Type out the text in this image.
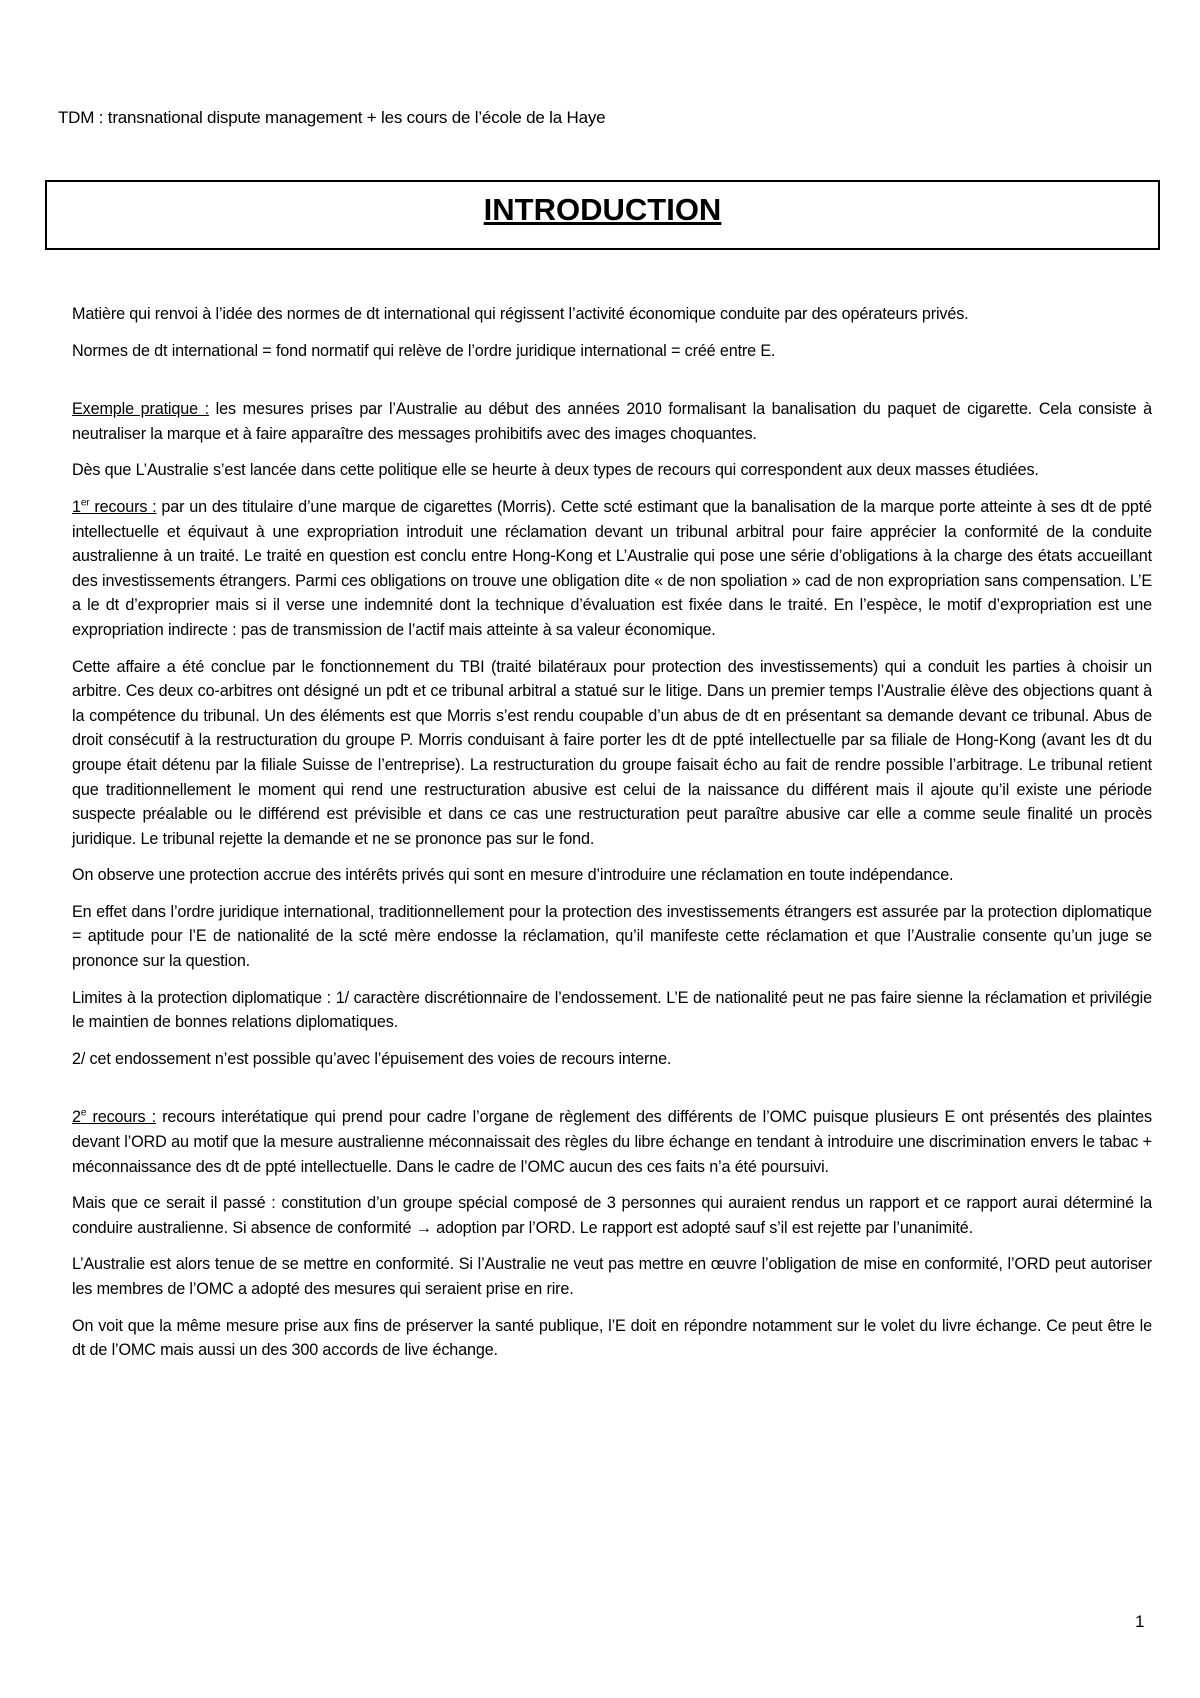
TDM : transnational dispute management + les cours de l’école de la Haye
INTRODUCTION

Matière qui renvoi à l’idée des normes de dt international qui régissent l’activité économique conduite par des opérateurs privés.

Normes de dt international = fond normatif qui relève de l’ordre juridique international = créé entre E.

Exemple pratique : les mesures prises par l’Australie au début des années 2010 formalisant la banalisation du paquet de cigarette. Cela consiste à neutraliser la marque et à faire apparaître des messages prohibitifs avec des images choquantes.

Dès que L’Australie s’est lancée dans cette politique elle se heurte à deux types de recours qui correspondent aux deux masses étudiées.

1er recours : par un des titulaire d’une marque de cigarettes (Morris). Cette scté estimant que la banalisation de la marque porte atteinte à ses dt de ppté intellectuelle et équivaut à une expropriation introduit une réclamation devant un tribunal arbitral pour faire apprécier la conformité de la conduite australienne à un traité. Le traité en question est conclu entre Hong-Kong et L’Australie qui pose une série d’obligations à la charge des états accueillant des investissements étrangers. Parmi ces obligations on trouve une obligation dite « de non spoliation » cad de non expropriation sans compensation. L’E a le dt d’exproprier mais si il verse une indemnité dont la technique d’évaluation est fixée dans le traité. En l’espèce, le motif d’expropriation est une expropriation indirecte : pas de transmission de l’actif mais atteinte à sa valeur économique.

Cette affaire a été conclue par le fonctionnement du TBI (traité bilatéraux pour protection des investissements) qui a conduit les parties à choisir un arbitre. Ces deux co-arbitres ont désigné un pdt et ce tribunal arbitral a statué sur le litige. Dans un premier temps l’Australie élève des objections quant à la compétence du tribunal. Un des éléments est que Morris s’est rendu coupable d’un abus de dt en présentant sa demande devant ce tribunal. Abus de droit consécutif à la restructuration du groupe P. Morris conduisant à faire porter les dt de ppté intellectuelle par sa filiale de Hong-Kong (avant les dt du groupe était détenu par la filiale Suisse de l’entreprise). La restructuration du groupe faisait écho au fait de rendre possible l’arbitrage. Le tribunal retient que traditionnellement le moment qui rend une restructuration abusive est celui de la naissance du différent mais il ajoute qu’il existe une période suspecte préalable ou le différend est prévisible et dans ce cas une restructuration peut paraître abusive car elle a comme seule finalité un procès juridique. Le tribunal rejette la demande et ne se prononce pas sur le fond.

On observe une protection accrue des intérêts privés qui sont en mesure d’introduire une réclamation en toute indépendance.

En effet dans l’ordre juridique international, traditionnellement pour la protection des investissements étrangers est assurée par la protection diplomatique = aptitude pour l’E de nationalité de la scté mère endosse la réclamation, qu’il manifeste cette réclamation et que l’Australie consente qu’un juge se prononce sur la question.

Limites à la protection diplomatique : 1/ caractère discrétionnaire de l’endossement. L’E de nationalité peut ne pas faire sienne la réclamation et privilégie le maintien de bonnes relations diplomatiques.

2/ cet endossement n’est possible qu’avec l’épuisement des voies de recours interne.

2e recours : recours interétatique qui prend pour cadre l’organe de règlement des différents de l’OMC puisque plusieurs E ont présentés des plaintes devant l’ORD au motif que la mesure australienne méconnaissait des règles du libre échange en tendant à introduire une discrimination envers le tabac + méconnaissance des dt de ppté intellectuelle. Dans le cadre de l’OMC aucun des ces faits n’a été poursuivi.

Mais que ce serait il passé : constitution d’un groupe spécial composé de 3 personnes qui auraient rendus un rapport et ce rapport aurai déterminé la conduire australienne. Si absence de conformité → adoption par l’ORD. Le rapport est adopté sauf s’il est rejette par l’unanimité.

L’Australie est alors tenue de se mettre en conformité. Si l’Australie ne veut pas mettre en œuvre l’obligation de mise en conformité, l’ORD peut autoriser les membres de l’OMC a adopté des mesures qui seraient prise en rire.

On voit que la même mesure prise aux fins de préserver la santé publique, l’E doit en répondre notamment sur le volet du livre échange. Ce peut être le dt de l’OMC mais aussi un des 300 accords de live échange.

1
